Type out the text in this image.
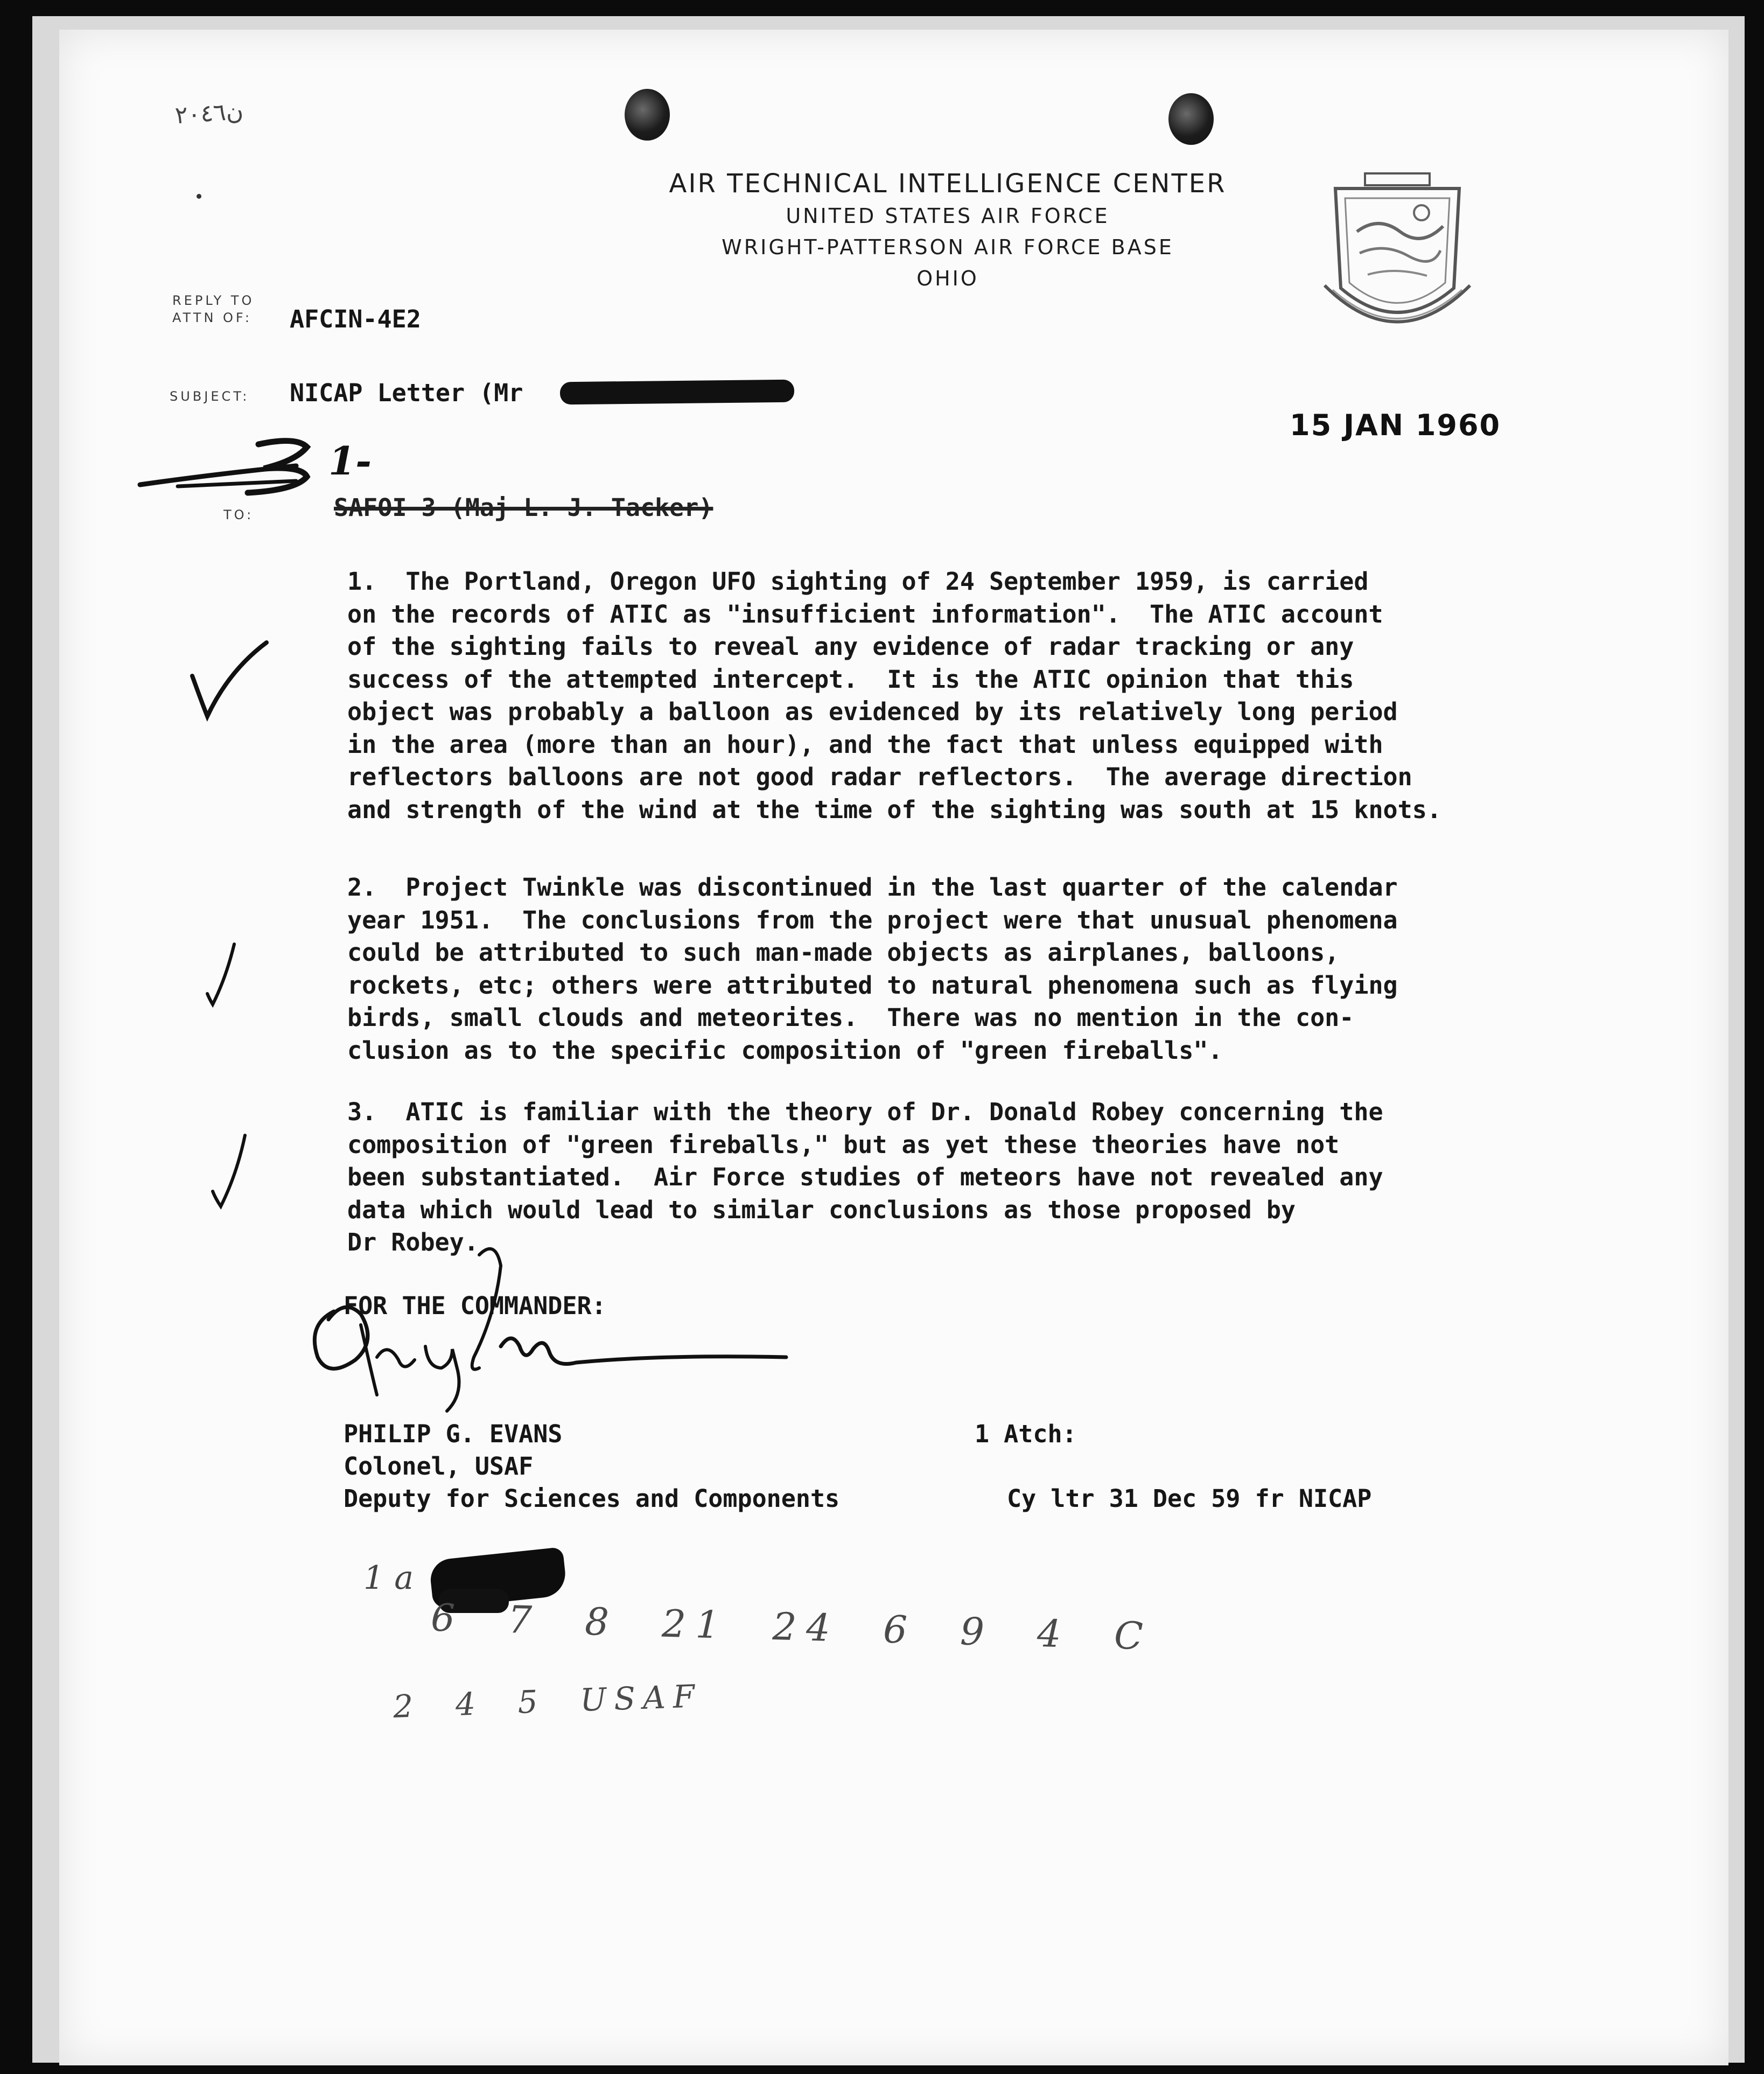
ن٢٠٤٦
AIR TECHNICAL INTELLIGENCE CENTER
UNITED STATES AIR FORCE
WRIGHT-PATTERSON AIR FORCE BASE
OHIO
REPLY TO
ATTN OF: AFCIN-4E2
SUBJECT: NICAP Letter (Mr
15 JAN 1960
1-
TO:	SAFOI-3 (Maj L. J. Tacker)
1.  The Portland, Oregon UFO sighting of 24 September 1959, is carried
on the records of ATIC as "insufficient information".  The ATIC account
of the sighting fails to reveal any evidence of radar tracking or any
success of the attempted intercept.  It is the ATIC opinion that this
object was probably a balloon as evidenced by its relatively long period
in the area (more than an hour), and the fact that unless equipped with
reflectors balloons are not good radar reflectors.  The average direction
and strength of the wind at the time of the sighting was south at 15 knots.
2.  Project Twinkle was discontinued in the last quarter of the calendar
year 1951.  The conclusions from the project were that unusual phenomena
could be attributed to such man-made objects as airplanes, balloons,
rockets, etc; others were attributed to natural phenomena such as flying
birds, small clouds and meteorites.  There was no mention in the con-
clusion as to the specific composition of "green fireballs".
3.  ATIC is familiar with the theory of Dr. Donald Robey concerning the
composition of "green fireballs," but as yet these theories have not
been substantiated.  Air Force studies of meteors have not revealed any
data which would lead to similar conclusions as those proposed by
Dr Robey.
FOR THE COMMANDER:
PHILIP G. EVANS
Colonel, USAF
Deputy for Sciences and Components
1 Atch:
Cy ltr 31 Dec 59 fr NICAP
1 a
6  7  8  21  24  6  9  4  C
2  4  5  USAF
